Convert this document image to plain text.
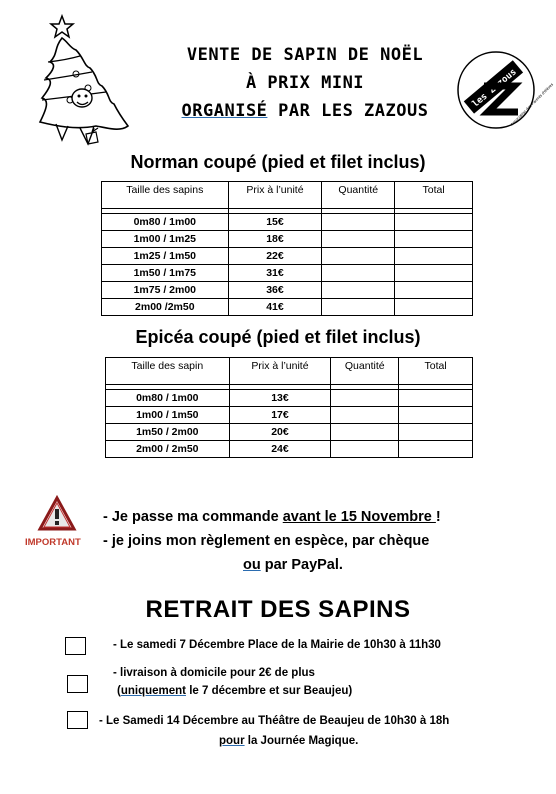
VENTE DE SAPIN DE NOËL
À PRIX MINI
ORGANISÉ PAR LES ZAZOUS
les Zazous
Association des Parents d'élèves
Norman coupé (pied et filet inclus)
Taille des sapins	Prix à l’unité	Quantité	Total

0m80 / 1m00	15€		
1m00 / 1m25	18€		
1m25 / 1m50	22€		
1m50 / 1m75	31€		
1m75 / 2m00	36€		
2m00 /2m50	41€		
Epicéa coupé (pied et filet inclus)
Taille des sapin	Prix à l’unité	Quantité	Total

0m80 / 1m00	13€		
1m00 / 1m50	17€		
1m50 / 2m00	20€		
2m00 / 2m50	24€		
IMPORTANT
- Je passe ma commande avant le 15 Novembre !
- je joins mon règlement en espèce, par chèque
ou par PayPal.
RETRAIT DES SAPINS
- Le samedi 7 Décembre Place de la Mairie de 10h30 à 11h30
- livraison à domicile pour 2€ de plus
(uniquement le 7 décembre et sur Beaujeu)
- Le Samedi 14 Décembre au Théâtre de Beaujeu de 10h30 à 18h
pour la Journée Magique.
